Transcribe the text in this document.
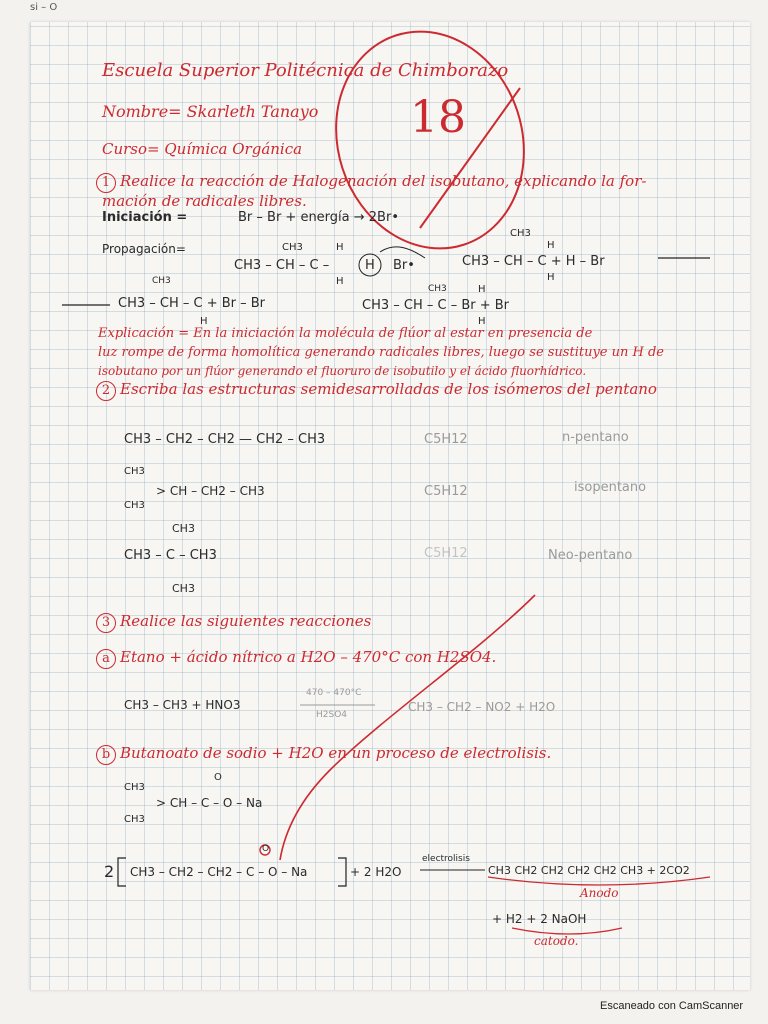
si – O
Escuela Superior Politécnica de Chimborazo
Nombre= Skarleth Tanayo
Curso= Química Orgánica
18
1 Realice la reacción de Halogenación del isobutano, explicando la for-
mación de radicales libres.
Iniciación =	Br – Br + energía → 2Br•
Propagación=	CH3	H
CH3 – CH – C –	H Br•
H
CH3
H
CH3 – CH – C + H – Br
H
CH3
CH3 – CH – C + Br – Br
H
CH3	H
CH3 – CH – C – Br + Br
H
Explicación = En la iniciación la molécula de flúor al estar en presencia de
luz rompe de forma homolítica generando radicales libres, luego se sustituye un H de
isobutano por un flúor generando el fluoruro de isobutilo y el ácido fluorhídrico.
2 Escriba las estructuras semidesarrolladas de los isómeros del pentano
CH3 – CH2 – CH2 — CH2 – CH3	C5H12	n-pentano
CH3
> CH – CH2 – CH3
CH3
C5H12	isopentano
CH3
CH3 – C – CH3
CH3
C5H12	Neo-pentano
3 Realice las siguientes reacciones
a Etano + ácido nítrico a H2O – 470°C con H2SO4.
CH3 – CH3 + HNO3
470 – 470°C
H2SO4
CH3 – CH2 – NO2 + H2O
b Butanoato de sodio + H2O en un proceso de electrolisis.
CH3
O
> CH – C – O – Na
CH3
2 CH3 – CH2 – CH2 – C – O – Na
O
+ 2 H2O
electrolisis
CH3 CH2 CH2 CH2 CH2 CH3 + 2CO2
Anodo
+ H2 + 2 NaOH
catodo.
Escaneado con CamScanner
